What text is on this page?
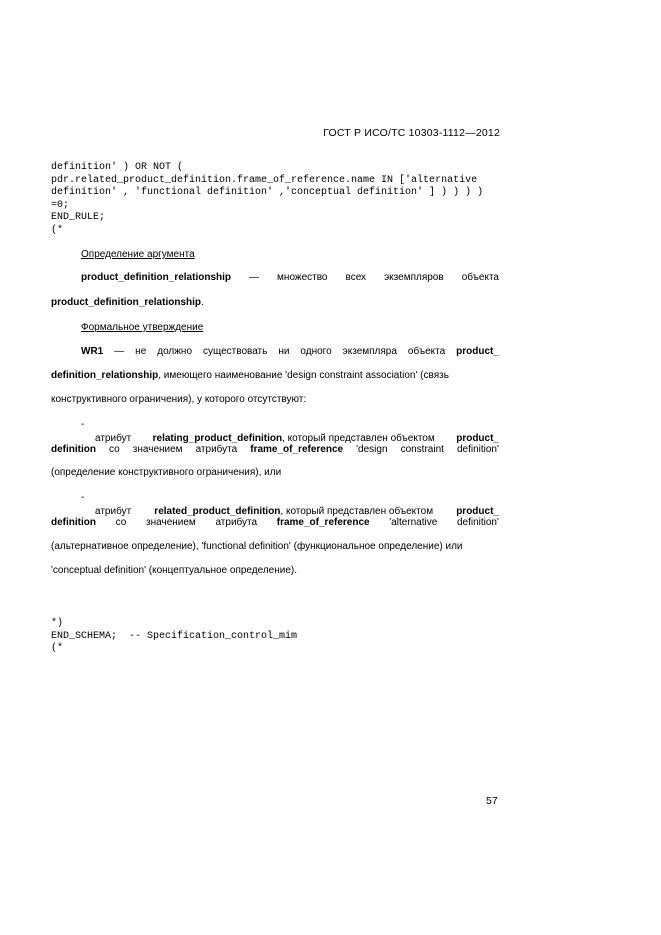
ГОСТ Р ИСО/ТС 10303-1112—2012
definition' ) OR NOT (
pdr.related_product_definition.frame_of_reference.name IN ['alternative
definition' , 'functional definition' ,'conceptual definition' ] ) ) ) )
=0;
END_RULE;
(*
Определение аргумента
product_definition_relationship — множество всех экземпляров объекта
product_definition_relationship.
Формальное утверждение
WR1 — не должно существовать ни одного экземпляра объекта product_
definition_relationship, имеющего наименование 'design constraint association' (связь
конструктивного ограничения), у которого отсутствуют:
-
атрибут relating_product_definition, который представлен объектом product_
definition со значением атрибута frame_of_reference 'design constraint definition'
(определение конструктивного ограничения), или
-
атрибут related_product_definition, который представлен объектом product_
definition со значением атрибута frame_of_reference 'alternative definition'
(альтернативное определение), 'functional definition' (функциональное определение) или
'conceptual definition' (концептуальное определение).
*)
END_SCHEMA;  -- Specification_control_mim
(*
57
